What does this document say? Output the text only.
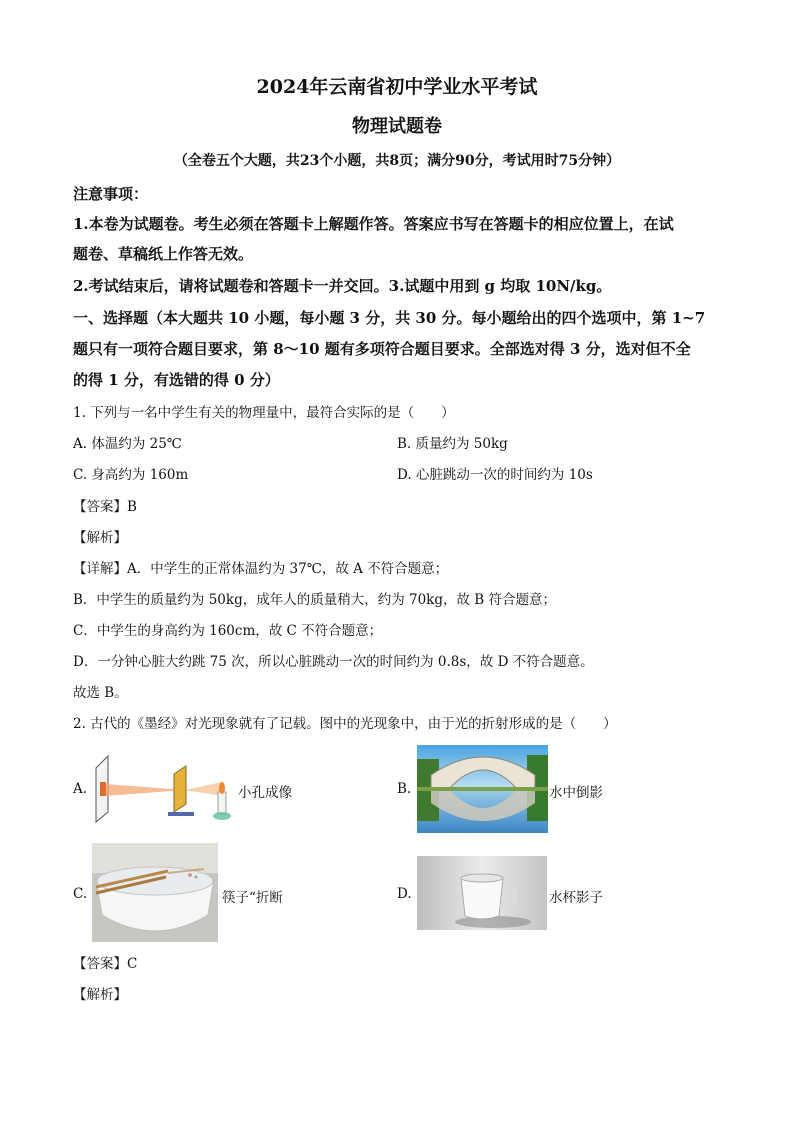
2024年云南省初中学业水平考试
物理试题卷
（全卷五个大题，共23个小题，共8页；满分90分，考试用时75分钟）
注意事项：
1.本卷为试题卷。考生必须在答题卡上解题作答。答案应书写在答题卡的相应位置上，在试
题卷、草稿纸上作答无效。
2.考试结束后，请将试题卷和答题卡一并交回。3.试题中用到 g 均取 10N/kg。
一、选择题（本大题共 10 小题，每小题 3 分，共 30 分。每小题给出的四个选项中，第 1~7
题只有一项符合题目要求，第 8～10 题有多项符合题目要求。全部选对得 3 分，选对但不全
的得 1 分，有选错的得 0 分）
1. 下列与一名中学生有关的物理量中，最符合实际的是（　　）
A. 体温约为 25℃	B. 质量约为 50kg
C. 身高约为 160m	D. 心脏跳动一次的时间约为 10s
【答案】B
【解析】
【详解】A．中学生的正常体温约为 37℃，故 A 不符合题意；
B．中学生的质量约为 50kg，成年人的质量稍大，约为 70kg，故 B 符合题意；
C．中学生的身高约为 160cm，故 C 不符合题意；
D．一分钟心脏大约跳 75 次，所以心脏跳动一次的时间约为 0.8s，故 D 不符合题意。
故选 B。
2. 古代的《墨经》对光现象就有了记载。图中的光现象中，由于光的折射形成的是（　　）
A.	小孔成像	B.	水中倒影
C.	筷子“折断	D.	水杯影子
【答案】C
【解析】
